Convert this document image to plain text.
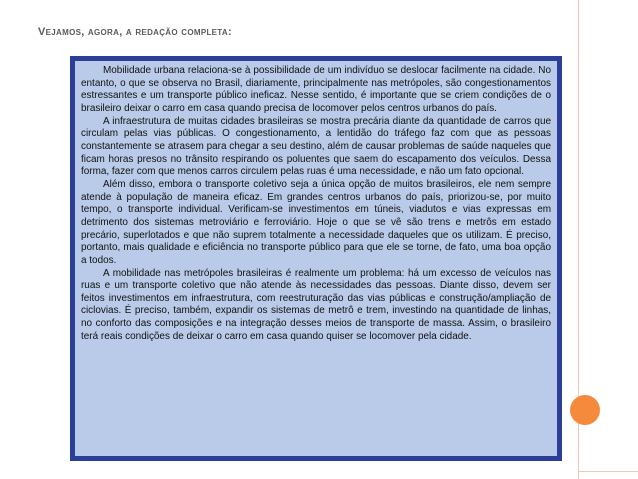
Vejamos, agora, a redação completa:

Mobilidade urbana relaciona-se à possibilidade de um indivíduo se deslocar facilmente na cidade. No entanto, o que se observa no Brasil, diariamente, principalmente nas metrópoles, são congestionamentos estressantes e um transporte público ineficaz. Nesse sentido, é importante que se criem condições de o brasileiro deixar o carro em casa quando precisa de locomover pelos centros urbanos do país.

A infraestrutura de muitas cidades brasileiras se mostra precária diante da quantidade de carros que circulam pelas vias públicas. O congestionamento, a lentidão do tráfego faz com que as pessoas constantemente se atrasem para chegar a seu destino, além de causar problemas de saúde naqueles que ficam horas presos no trânsito respirando os poluentes que saem do escapamento dos veículos. Dessa forma, fazer com que menos carros circulem pelas ruas é uma necessidade, e não um fato opcional.

Além disso, embora o transporte coletivo seja a única opção de muitos brasileiros, ele nem sempre atende à população de maneira eficaz. Em grandes centros urbanos do país, priorizou-se, por muito tempo, o transporte individual. Verificam-se investimentos em túneis, viadutos e vias expressas em detrimento dos sistemas metroviário e ferroviário. Hoje o que se vê são trens e metrôs em estado precário, superlotados e que não suprem totalmente a necessidade daqueles que os utilizam. É preciso, portanto, mais qualidade e eficiência no transporte público para que ele se torne, de fato, uma boa opção a todos.

A mobilidade nas metrópoles brasileiras é realmente um problema: há um excesso de veículos nas ruas e um transporte coletivo que não atende às necessidades das pessoas. Diante disso, devem ser feitos investimentos em infraestrutura, com reestruturação das vias públicas e construção/ampliação de ciclovias. É preciso, também, expandir os sistemas de metrô e trem, investindo na quantidade de linhas, no conforto das composições e na integração desses meios de transporte de massa. Assim, o brasileiro terá reais condições de deixar o carro em casa quando quiser se locomover pela cidade.
